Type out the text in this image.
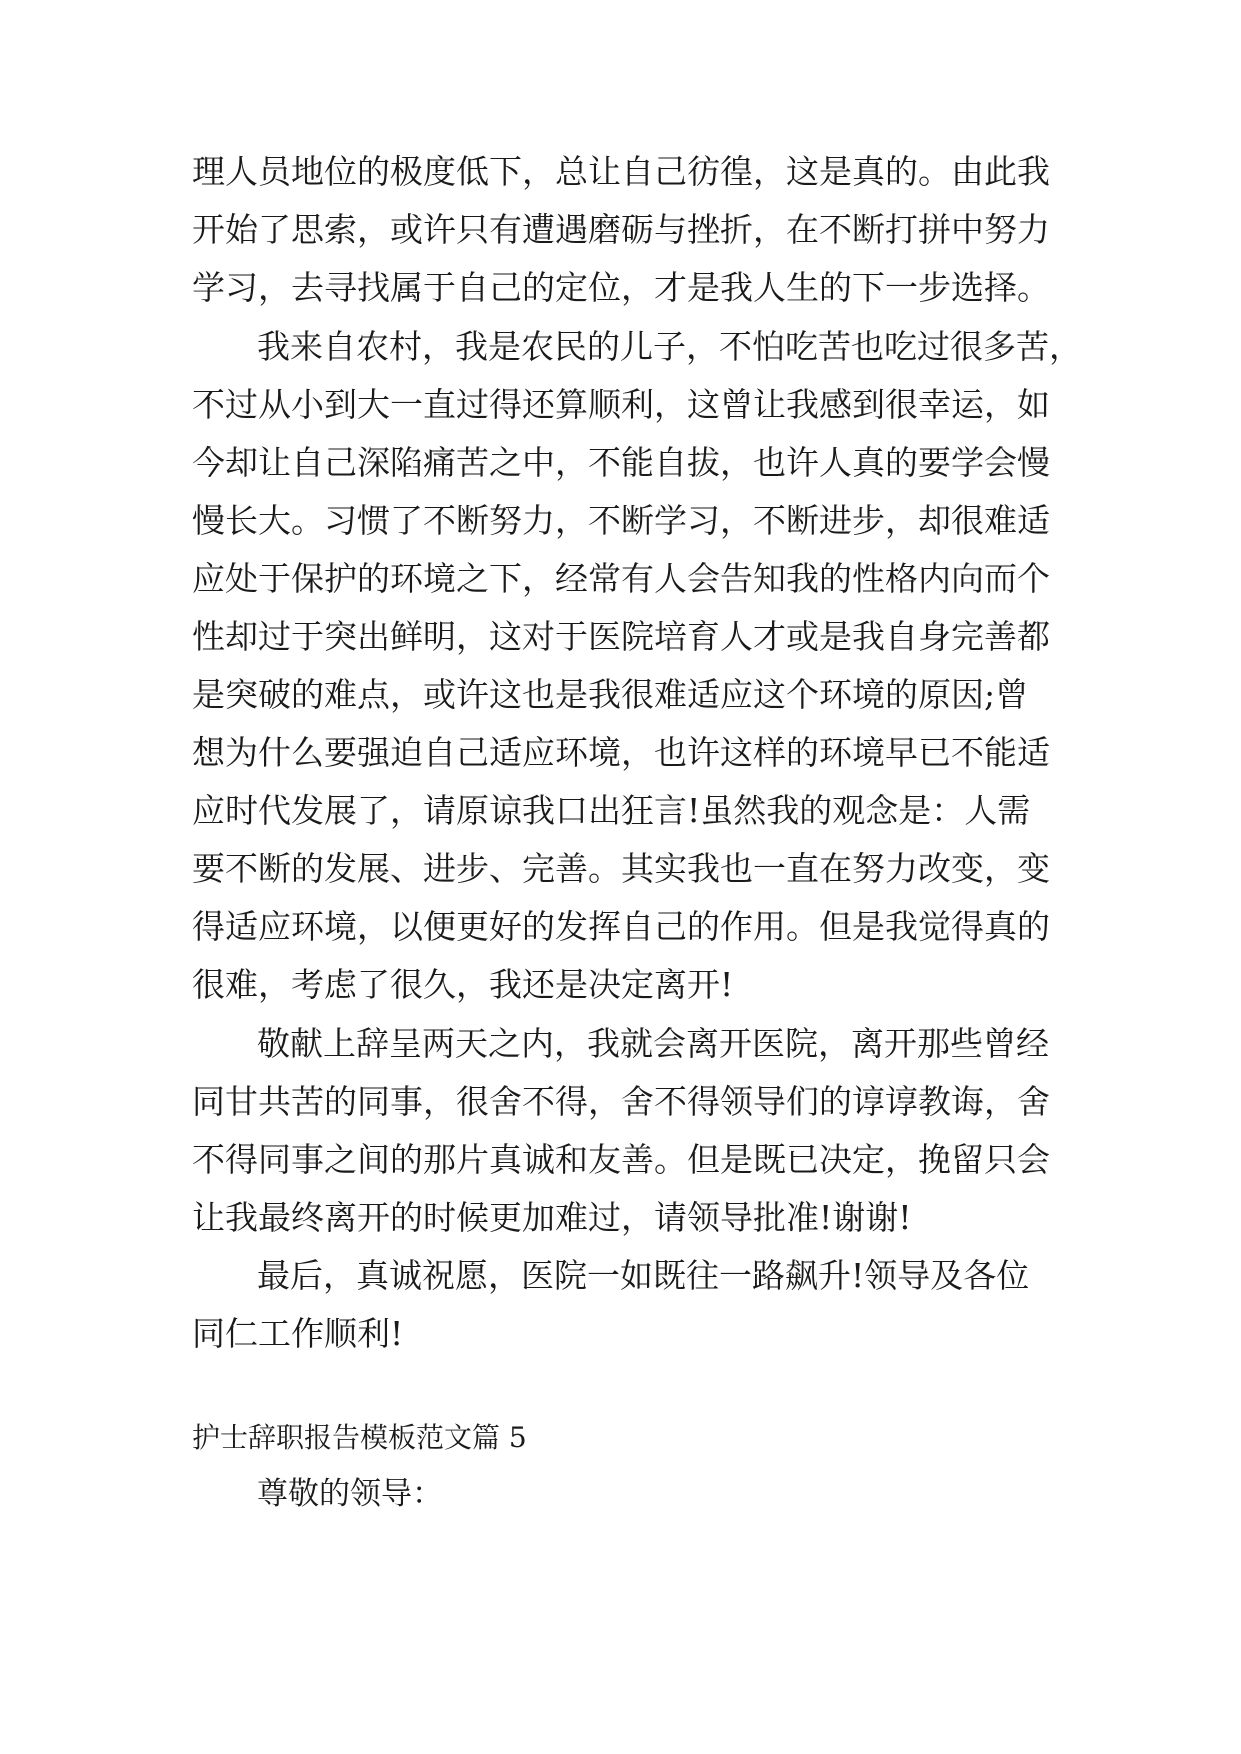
理人员地位的极度低下，总让自己彷徨，这是真的。由此我
开始了思索，或许只有遭遇磨砺与挫折，在不断打拼中努力
学习，去寻找属于自己的定位，才是我人生的下一步选择。
我来自农村，我是农民的儿子，不怕吃苦也吃过很多苦，
不过从小到大一直过得还算顺利，这曾让我感到很幸运，如
今却让自己深陷痛苦之中，不能自拔，也许人真的要学会慢
慢长大。习惯了不断努力，不断学习，不断进步，却很难适
应处于保护的环境之下，经常有人会告知我的性格内向而个
性却过于突出鲜明，这对于医院培育人才或是我自身完善都
是突破的难点，或许这也是我很难适应这个环境的原因;曾
想为什么要强迫自己适应环境，也许这样的环境早已不能适
应时代发展了，请原谅我口出狂言!虽然我的观念是：人需
要不断的发展、进步、完善。其实我也一直在努力改变，变
得适应环境，以便更好的发挥自己的作用。但是我觉得真的
很难，考虑了很久，我还是决定离开!
敬献上辞呈两天之内，我就会离开医院，离开那些曾经
同甘共苦的同事，很舍不得，舍不得领导们的谆谆教诲，舍
不得同事之间的那片真诚和友善。但是既已决定，挽留只会
让我最终离开的时候更加难过，请领导批准!谢谢!
最后，真诚祝愿，医院一如既往一路飙升!领导及各位
同仁工作顺利!
护士辞职报告模板范文篇 5
尊敬的领导：
